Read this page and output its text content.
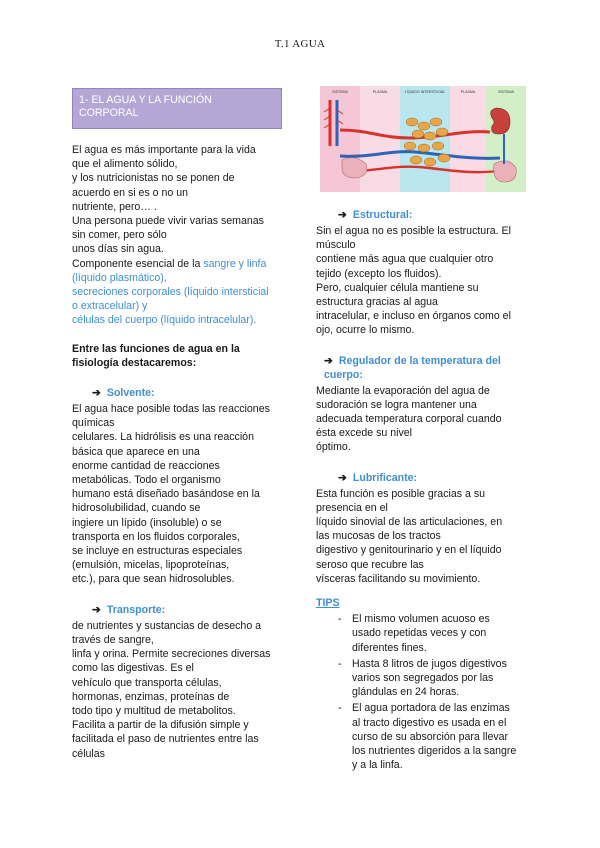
T.1 AGUA
1- EL AGUA Y LA FUNCIÓN
CORPORAL
El agua es más importante para la vida
que el alimento sólido,
y los nutricionistas no se ponen de
acuerdo en si es o no un
nutriente, pero… .
Una persona puede vivir varias semanas
sin comer, pero sólo
unos días sin agua.
Componente esencial de la sangre y linfa
(líquido plasmático),
secreciones corporales (líquido intersticial
o extracelular) y
células del cuerpo (líquido intracelular).
Entre las funciones de agua en la
fisiología destacaremos:
➔ Solvente:
El agua hace posible todas las reacciones
químicas
celulares. La hidrólisis es una reacción
básica que aparece en una
enorme cantidad de reacciones
metabólicas. Todo el organismo
humano está diseñado basándose en la
hidrosolubilidad, cuando se
ingiere un lípido (insoluble) o se
transporta en los fluidos corporales,
se incluye en estructuras especiales
(emulsión, micelas, lipoproteínas,
etc.), para que sean hidrosolubles.
➔ Transporte:
de nutrientes y sustancias de desecho a
través de sangre,
linfa y orina. Permite secreciones diversas
como las digestivas. Es el
vehículo que transporta células,
hormonas, enzimas, proteínas de
todo tipo y multitud de metabolitos.
Facilita a partir de la difusión simple y
facilitada el paso de nutrientes entre las
células
SISTEMA	PLASMA	LÍQUIDO INTERSTICIAL	PLASMA	SISTEMA
➔ Estructural:
Sin el agua no es posible la estructura. El
músculo
contiene más agua que cualquier otro
tejido (excepto los fluidos).
Pero, cualquier célula mantiene su
estructura gracias al agua
intracelular, e incluso en órganos como el
ojo, ocurre lo mismo.
➔ Regulador de la temperatura del
cuerpo:
Mediante la evaporación del agua de
sudoración se logra mantener una
adecuada temperatura corporal cuando
ésta excede su nivel
óptimo.
➔ Lubrificante:
Esta función es posible gracias a su
presencia en el
líquido sinovial de las articulaciones, en
las mucosas de los tractos
digestivo y genitourinario y en el líquido
seroso que recubre las
vísceras facilitando su movimiento.
TIPS
- El mismo volumen acuoso es
usado repetidas veces y con
diferentes fines.
- Hasta 8 litros de jugos digestivos
varios son segregados por las
glándulas en 24 horas.
- El agua portadora de las enzimas
al tracto digestivo es usada en el
curso de su absorción para llevar
los nutrientes digeridos a la sangre
y a la linfa.
